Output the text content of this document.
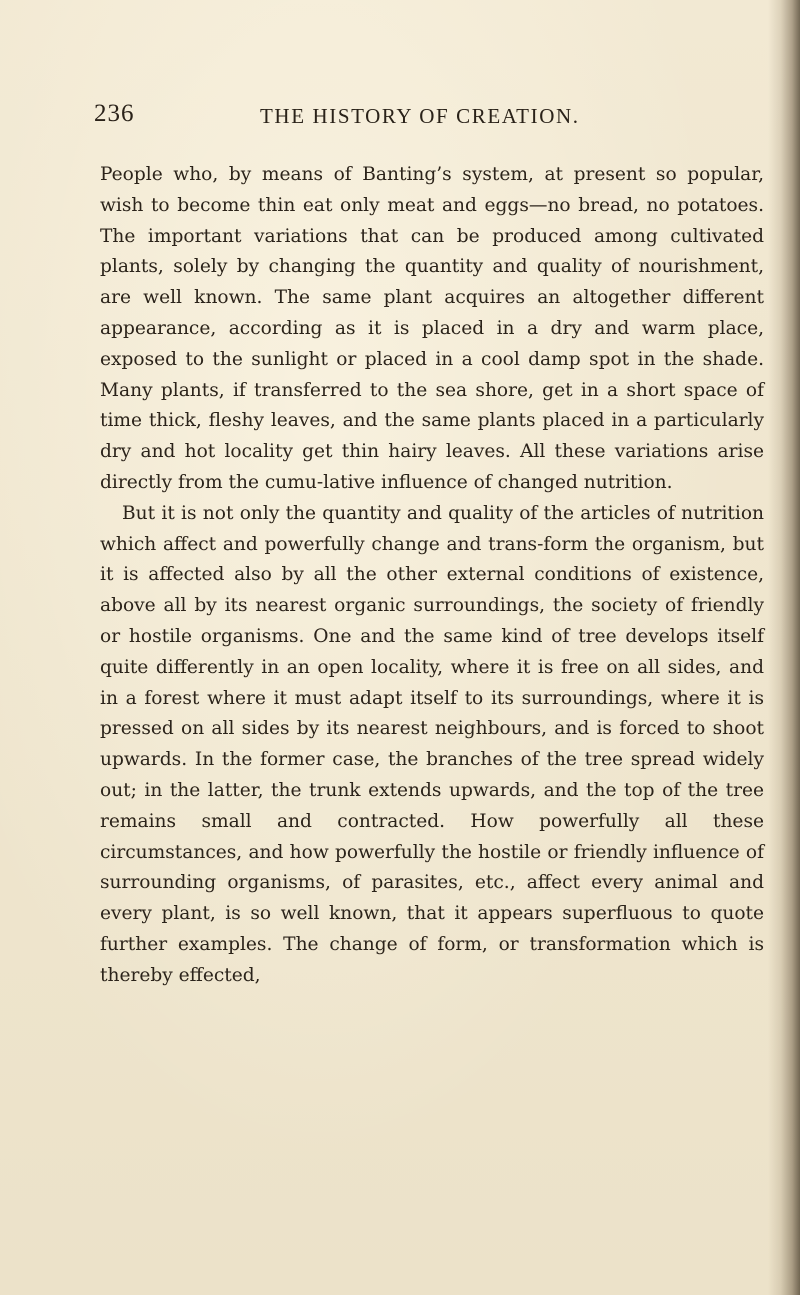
236	THE HISTORY OF CREATION.

People who, by means of Banting’s system, at present so popular, wish to become thin eat only meat and eggs—no bread, no potatoes. The important variations that can be produced among cultivated plants, solely by changing the quantity and quality of nourishment, are well known. The same plant acquires an altogether different appearance, according as it is placed in a dry and warm place, exposed to the sunlight or placed in a cool damp spot in the shade. Many plants, if transferred to the sea shore, get in a short space of time thick, fleshy leaves, and the same plants placed in a particularly dry and hot locality get thin hairy leaves. All these variations arise directly from the cumu-lative influence of changed nutrition.

But it is not only the quantity and quality of the articles of nutrition which affect and powerfully change and trans-form the organism, but it is affected also by all the other external conditions of existence, above all by its nearest organic surroundings, the society of friendly or hostile organisms. One and the same kind of tree develops itself quite differently in an open locality, where it is free on all sides, and in a forest where it must adapt itself to its surroundings, where it is pressed on all sides by its nearest neighbours, and is forced to shoot upwards. In the former case, the branches of the tree spread widely out; in the latter, the trunk extends upwards, and the top of the tree remains small and contracted. How powerfully all these circumstances, and how powerfully the hostile or friendly influence of surrounding organisms, of parasites, etc., affect every animal and every plant, is so well known, that it appears superfluous to quote further examples. The change of form, or transformation which is thereby effected,
